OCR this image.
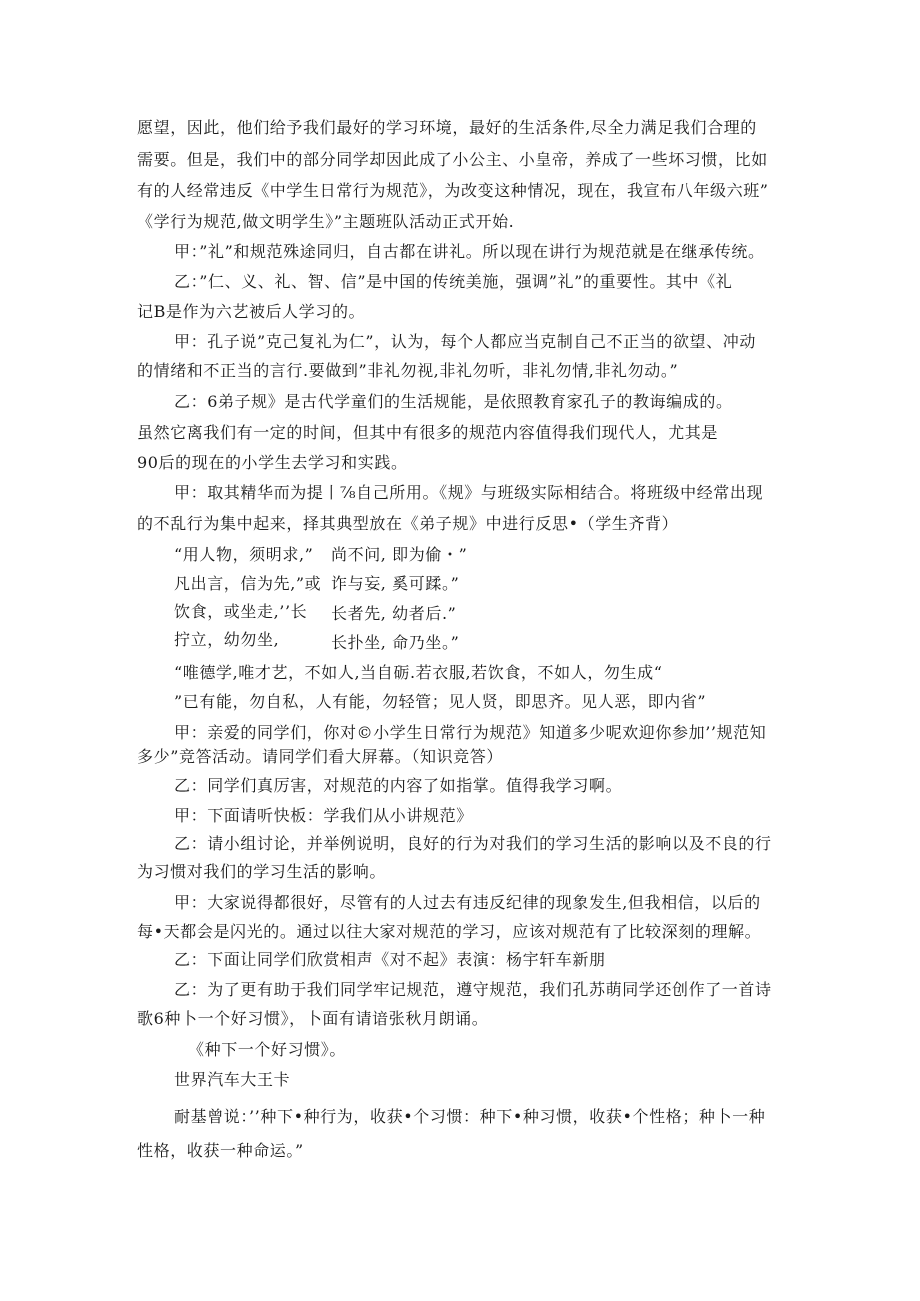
愿望，因此，他们给予我们最好的学习环境，最好的生活条件,尽全力满足我们合理的
需要。但是，我们中的部分同学却因此成了小公主、小皇帝，养成了一些坏习惯，比如
有的人经常违反《中学生日常行为规范》，为改变这种情况，现在，我宣布八年级六班”
《学行为规范,做文明学生》”主题班队活动正式开始.
甲：”礼”和规范殊途同归，自古都在讲礼。所以现在讲行为规范就是在继承传统。
乙：”仁、义、礼、智、信”是中国的传统美施，强调”礼”的重要性。其中《礼
记B是作为六艺被后人学习的。
甲：孔子说”克己复礼为仁”，认为，每个人都应当克制自己不正当的欲望、冲动
的情绪和不正当的言行.要做到”非礼勿视,非礼勿听，非礼勿情,非礼勿动。”
乙：6弟子规》是古代学童们的生活规能，是依照教育家孔子的教诲编成的。
虽然它离我们有一定的时间，但其中有很多的规范内容值得我们现代人，尤其是
90后的现在的小学生去学习和实践。
甲：取其精华而为提丨⅞自己所用。《规》与班级实际相结合。将班级中经常出现
的不乱行为集中起来，择其典型放在《弟子规》中进行反思•（学生齐背）
“用人物，须明求,” 尚不问, 即为偷・”
凡出言，信为先,”或 诈与妄, 奚可蹂。”
饮食，或坐走,’’长 长者先, 幼者后.”
拧立，幼勿坐,	长扑坐, 命乃坐。”
“唯德学,唯才艺，不如人,当自砺.若衣服,若饮食，不如人，勿生成“
”已有能，勿自私，人有能，勿轻管；见人贤，即思齐。见人恶，即内省”
甲：亲爱的同学们，你对©小学生日常行为规范》知道多少呢欢迎你参加’’规范知
多少”竞答活动。请同学们看大屏幕。（知识竞答）
乙：同学们真厉害，对规范的内容了如指掌。值得我学习啊。
甲：下面请听快板：学我们从小讲规范》
乙：请小组讨论，并举例说明，良好的行为对我们的学习生活的影响以及不良的行
为习惯对我们的学习生活的影响。
甲：大家说得都很好，尽管有的人过去有违反纪律的现象发生,但我相信，以后的
每•天都会是闪光的。通过以往大家对规范的学习，应该对规范有了比较深刻的理解。
乙：下面让同学们欣赏相声《对不起》表演：杨宇轩车新朋
乙：为了更有助于我们同学牢记规范，遵守规范，我们孔苏萌同学还创作了一首诗
歌6种卜一个好习惯》，卜面有请谙张秋月朗诵。
《种下一个好习惯》。
世界汽车大王卡
耐基曾说：’’种下•种行为，收获•个习惯：种下•种习惯，收获•个性格；种卜一种
性格，收获一种命运。”
